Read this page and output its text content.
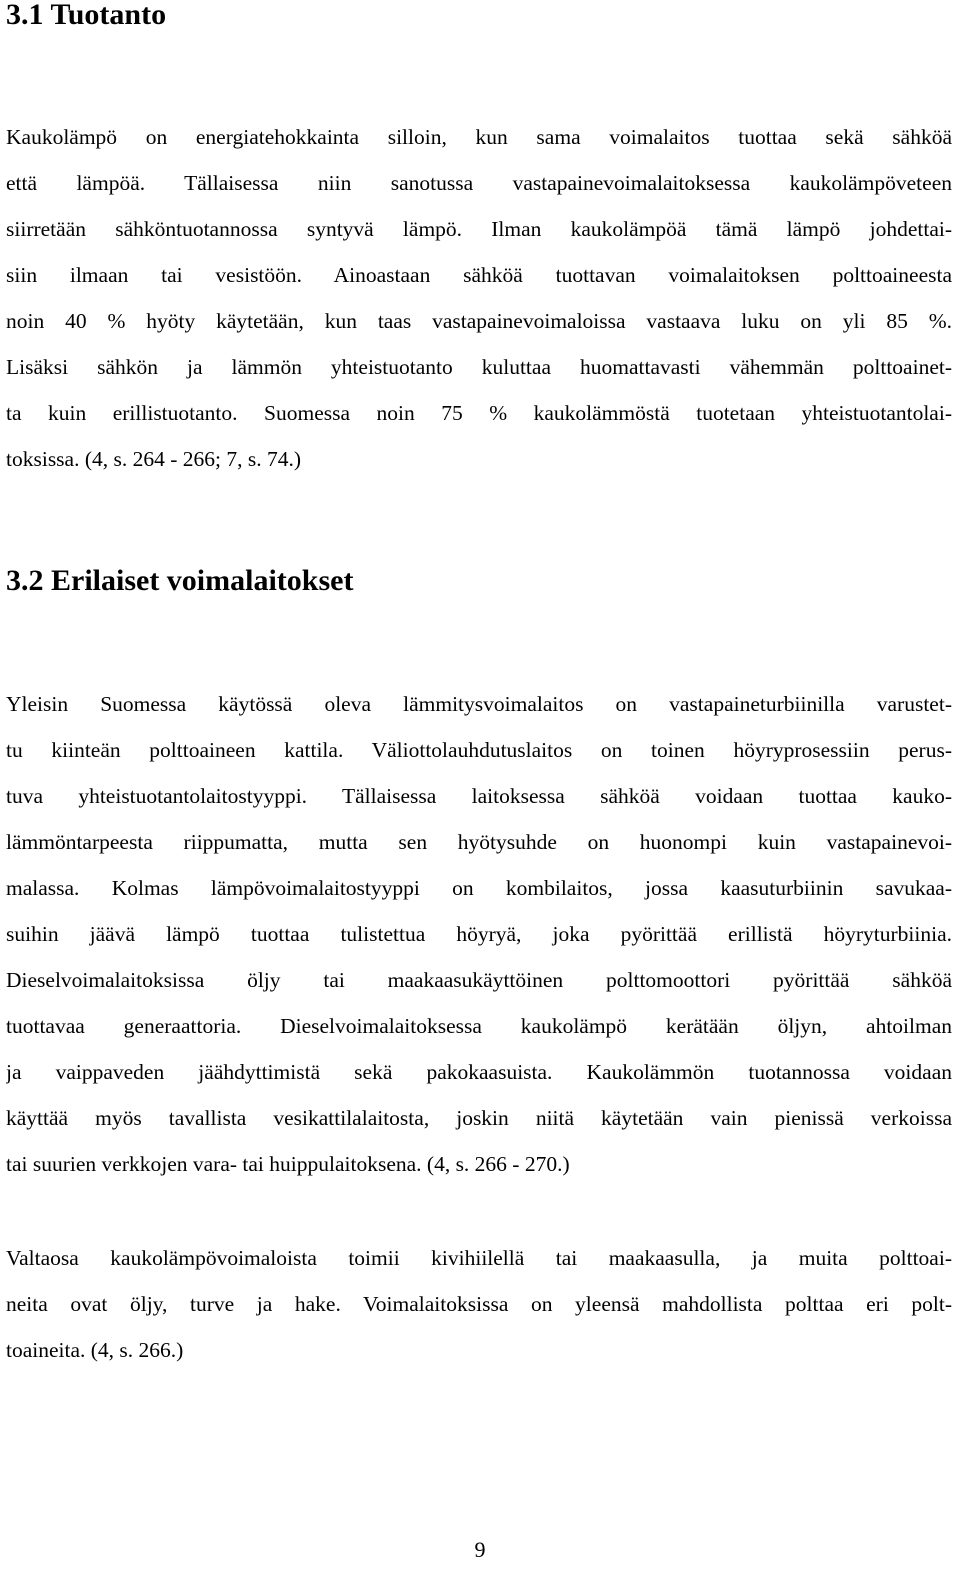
3.1 Tuotanto
Kaukolämpö on energiatehokkainta silloin, kun sama voimalaitos tuottaa sekä sähköä
että lämpöä. Tällaisessa niin sanotussa vastapainevoimalaitoksessa kaukolämpöveteen
siirretään sähköntuotannossa syntyvä lämpö. Ilman kaukolämpöä tämä lämpö johdettai-
siin ilmaan tai vesistöön. Ainoastaan sähköä tuottavan voimalaitoksen polttoaineesta
noin 40 % hyöty käytetään, kun taas vastapainevoimaloissa vastaava luku on yli 85 %.
Lisäksi sähkön ja lämmön yhteistuotanto kuluttaa huomattavasti vähemmän polttoainet-
ta kuin erillistuotanto. Suomessa noin 75 % kaukolämmöstä tuotetaan yhteistuotantolai-
toksissa. (4, s. 264 - 266; 7, s. 74.)
3.2 Erilaiset voimalaitokset
Yleisin Suomessa käytössä oleva lämmitysvoimalaitos on vastapaineturbiinilla varustet-
tu kiinteän polttoaineen kattila. Väliottolauhdutuslaitos on toinen höyryprosessiin perus-
tuva yhteistuotantolaitostyyppi. Tällaisessa laitoksessa sähköä voidaan tuottaa kauko-
lämmöntarpeesta riippumatta, mutta sen hyötysuhde on huonompi kuin vastapainevoi-
malassa. Kolmas lämpövoimalaitostyyppi on kombilaitos, jossa kaasuturbiinin savukaa-
suihin jäävä lämpö tuottaa tulistettua höyryä, joka pyörittää erillistä höyryturbiinia.
Dieselvoimalaitoksissa öljy tai maakaasukäyttöinen polttomoottori pyörittää sähköä
tuottavaa generaattoria. Dieselvoimalaitoksessa kaukolämpö kerätään öljyn, ahtoilman
ja vaippaveden jäähdyttimistä sekä pakokaasuista. Kaukolämmön tuotannossa voidaan
käyttää myös tavallista vesikattilalaitosta, joskin niitä käytetään vain pienissä verkoissa
tai suurien verkkojen vara- tai huippulaitoksena. (4, s. 266 - 270.)
Valtaosa kaukolämpövoimaloista toimii kivihiilellä tai maakaasulla, ja muita polttoai-
neita ovat öljy, turve ja hake. Voimalaitoksissa on yleensä mahdollista polttaa eri polt-
toaineita. (4, s. 266.)
9
